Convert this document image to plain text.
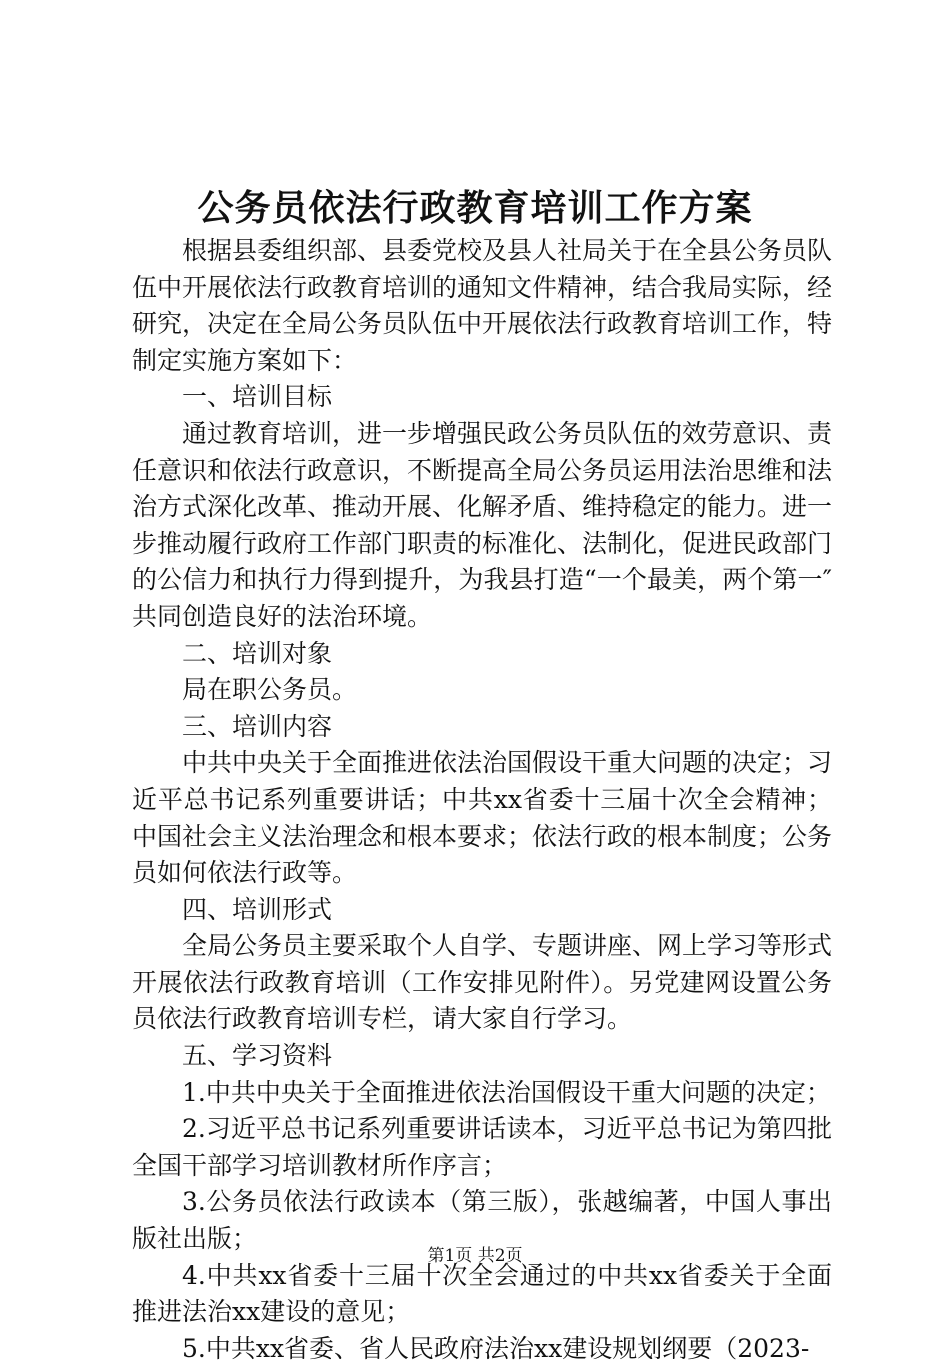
公务员依法行政教育培训工作方案

根据县委组织部、县委党校及县人社局关于在全县公务员队伍中开展依法行政教育培训的通知文件精神，结合我局实际，经研究，决定在全局公务员队伍中开展依法行政教育培训工作，特制定实施方案如下：

一、培训目标

通过教育培训，进一步增强民政公务员队伍的效劳意识、责任意识和依法行政意识，不断提高全局公务员运用法治思维和法治方式深化改革、推动开展、化解矛盾、维持稳定的能力。进一步推动履行政府工作部门职责的标准化、法制化，促进民政部门的公信力和执行力得到提升，为我县打造“一个最美，两个第一″共同创造良好的法治环境。

二、培训对象

局在职公务员。

三、培训内容

中共中央关于全面推进依法治国假设干重大问题的决定；习近平总书记系列重要讲话；中共xx省委十三届十次全会精神；中国社会主义法治理念和根本要求；依法行政的根本制度；公务员如何依法行政等。

四、培训形式

全局公务员主要采取个人自学、专题讲座、网上学习等形式开展依法行政教育培训（工作安排见附件）。另党建网设置公务员依法行政教育培训专栏，请大家自行学习。

五、学习资料

1.中共中央关于全面推进依法治国假设干重大问题的决定；

2.习近平总书记系列重要讲话读本，习近平总书记为第四批全国干部学习培训教材所作序言；

3.公务员依法行政读本（第三版），张越编著，中国人事出版社出版；

4.中共xx省委十三届十次全会通过的中共xx省委关于全面推进法治xx建设的意见；

5.中共xx省委、省人民政府法治xx建设规划纲要（2023-

第1页 共2页
